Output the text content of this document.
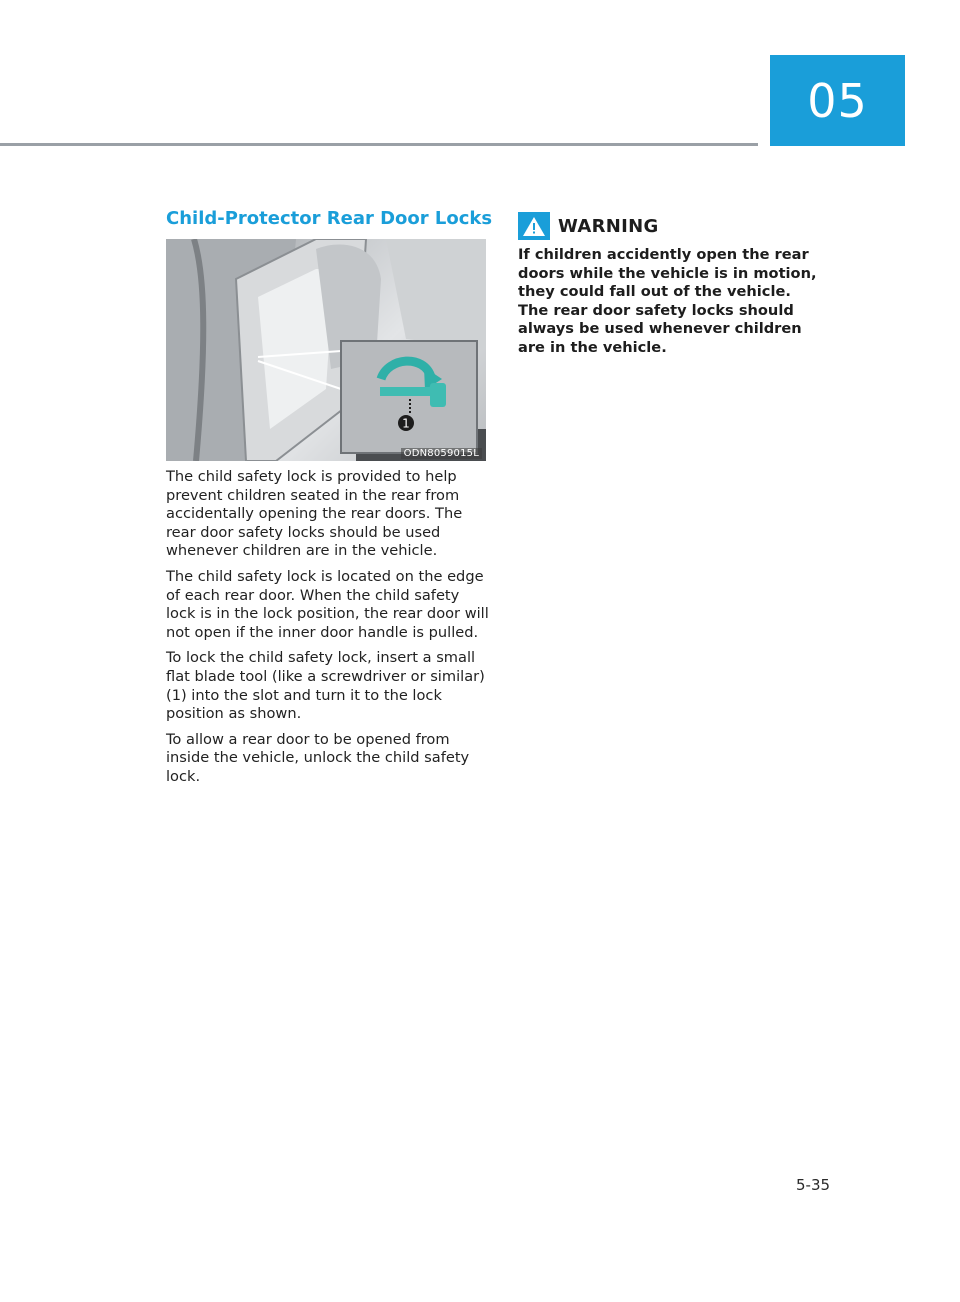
05
Child-Protector Rear Door Locks
1
ODN8059015L

The child safety lock is provided to help prevent children seated in the rear from accidentally opening the rear doors. The rear door safety locks should be used whenever children are in the vehicle.

The child safety lock is located on the edge of each rear door. When the child safety lock is in the lock position, the rear door will not open if the inner door handle is pulled.

To lock the child safety lock, insert a small flat blade tool (like a screwdriver or similar) (1) into the slot and turn it to the lock position as shown.

To allow a rear door to be opened from inside the vehicle, unlock the child safety lock.

WARNING

If children accidently open the rear doors while the vehicle is in motion, they could fall out of the vehicle. The rear door safety locks should always be used whenever children are in the vehicle.

5-35
